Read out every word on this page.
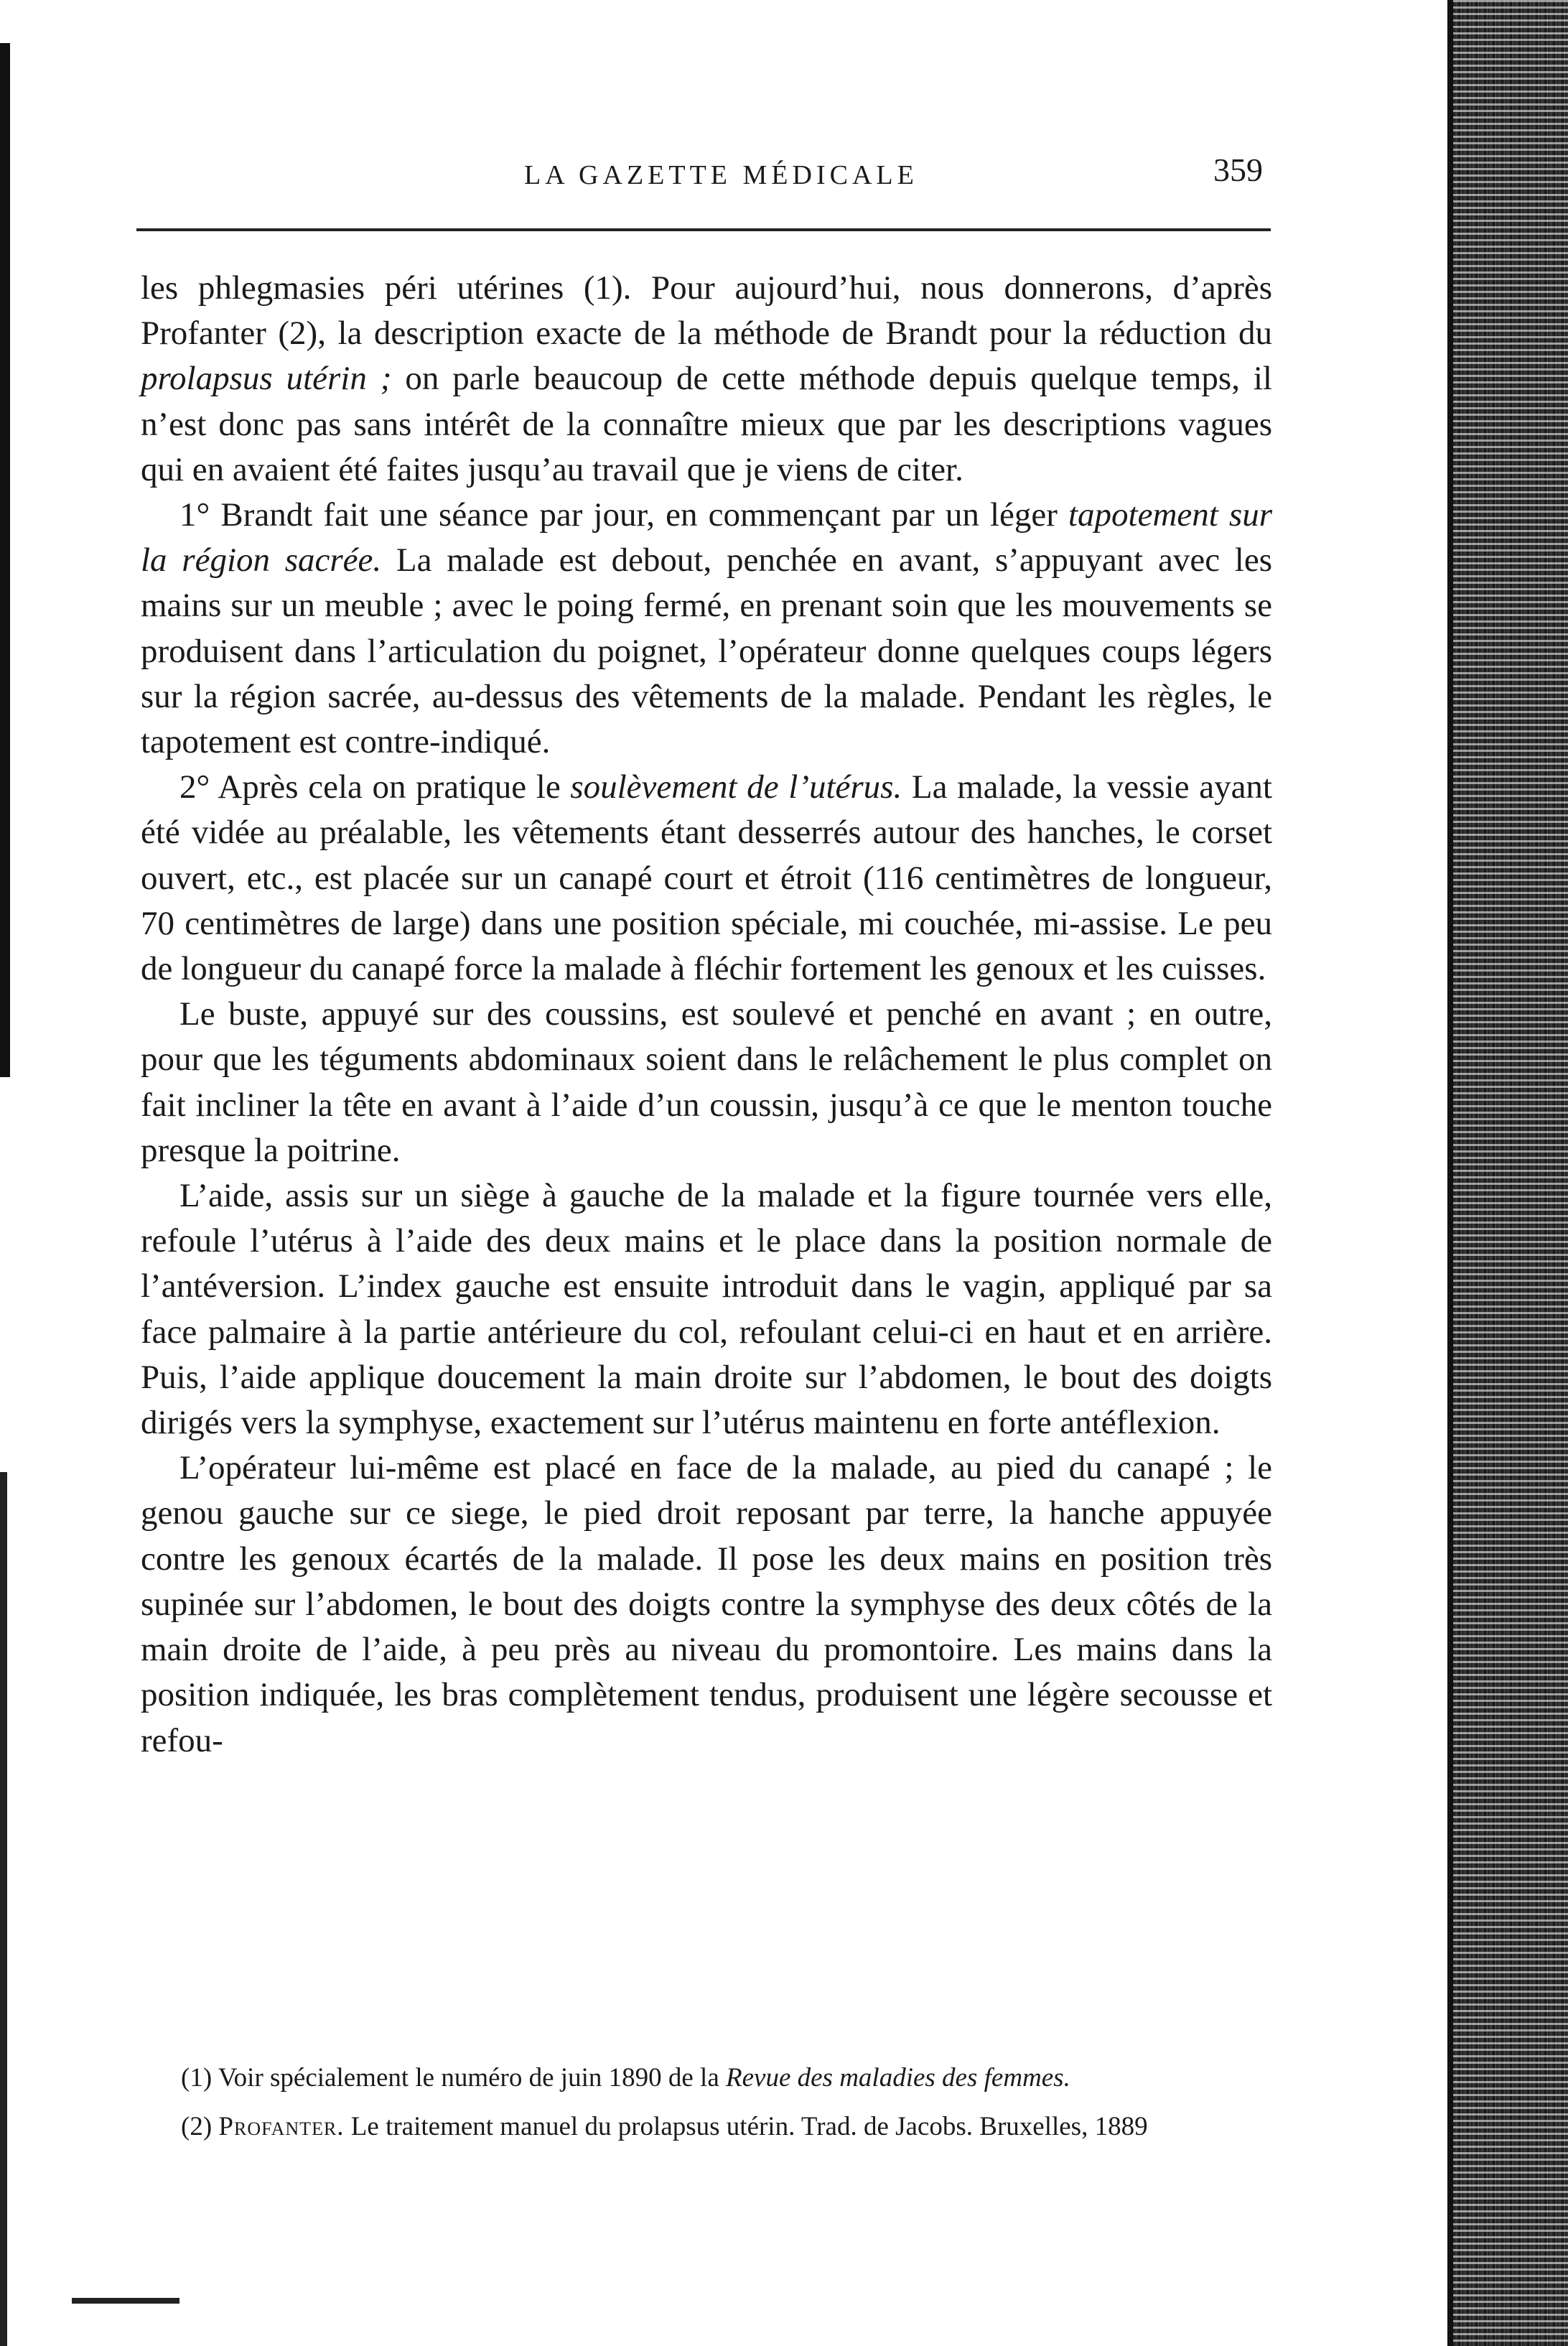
LA GAZETTE MÉDICALE	359

les phlegmasies péri utérines (1). Pour aujourd’hui, nous donnerons, d’après Profanter (2), la description exacte de la méthode de Brandt pour la réduction du prolapsus utérin ; on parle beaucoup de cette méthode depuis quelque temps, il n’est donc pas sans intérêt de la connaître mieux que par les descriptions vagues qui en avaient été faites jusqu’au travail que je viens de citer.

1° Brandt fait une séance par jour, en commençant par un léger tapotement sur la région sacrée. La malade est debout, penchée en avant, s’appuyant avec les mains sur un meuble ; avec le poing fermé, en prenant soin que les mouvements se produisent dans l’articulation du poignet, l’opérateur donne quelques coups légers sur la région sacrée, au-dessus des vêtements de la malade. Pendant les règles, le tapotement est contre-indiqué.

2° Après cela on pratique le soulèvement de l’utérus. La malade, la vessie ayant été vidée au préalable, les vêtements étant desserrés autour des hanches, le corset ouvert, etc., est placée sur un canapé court et étroit (116 centimètres de longueur, 70 centimètres de large) dans une position spéciale, mi couchée, mi-assise. Le peu de longueur du canapé force la malade à fléchir fortement les genoux et les cuisses.

Le buste, appuyé sur des coussins, est soulevé et penché en avant ; en outre, pour que les téguments abdominaux soient dans le relâchement le plus complet on fait incliner la tête en avant à l’aide d’un coussin, jusqu’à ce que le menton touche presque la poitrine.

L’aide, assis sur un siège à gauche de la malade et la figure tournée vers elle, refoule l’utérus à l’aide des deux mains et le place dans la position normale de l’antéversion. L’index gauche est ensuite introduit dans le vagin, appliqué par sa face palmaire à la partie antérieure du col, refoulant celui-ci en haut et en arrière. Puis, l’aide applique doucement la main droite sur l’abdomen, le bout des doigts dirigés vers la symphyse, exactement sur l’utérus maintenu en forte antéflexion.

L’opérateur lui-même est placé en face de la malade, au pied du canapé ; le genou gauche sur ce siege, le pied droit reposant par terre, la hanche appuyée contre les genoux écartés de la malade. Il pose les deux mains en position très supinée sur l’abdomen, le bout des doigts contre la symphyse des deux côtés de la main droite de l’aide, à peu près au niveau du promontoire. Les mains dans la position indiquée, les bras complètement tendus, produisent une légère secousse et refou-

(1) Voir spécialement le numéro de juin 1890 de la Revue des maladies des femmes.

(2) Profanter. Le traitement manuel du prolapsus utérin. Trad. de Jacobs. Bruxelles, 1889
